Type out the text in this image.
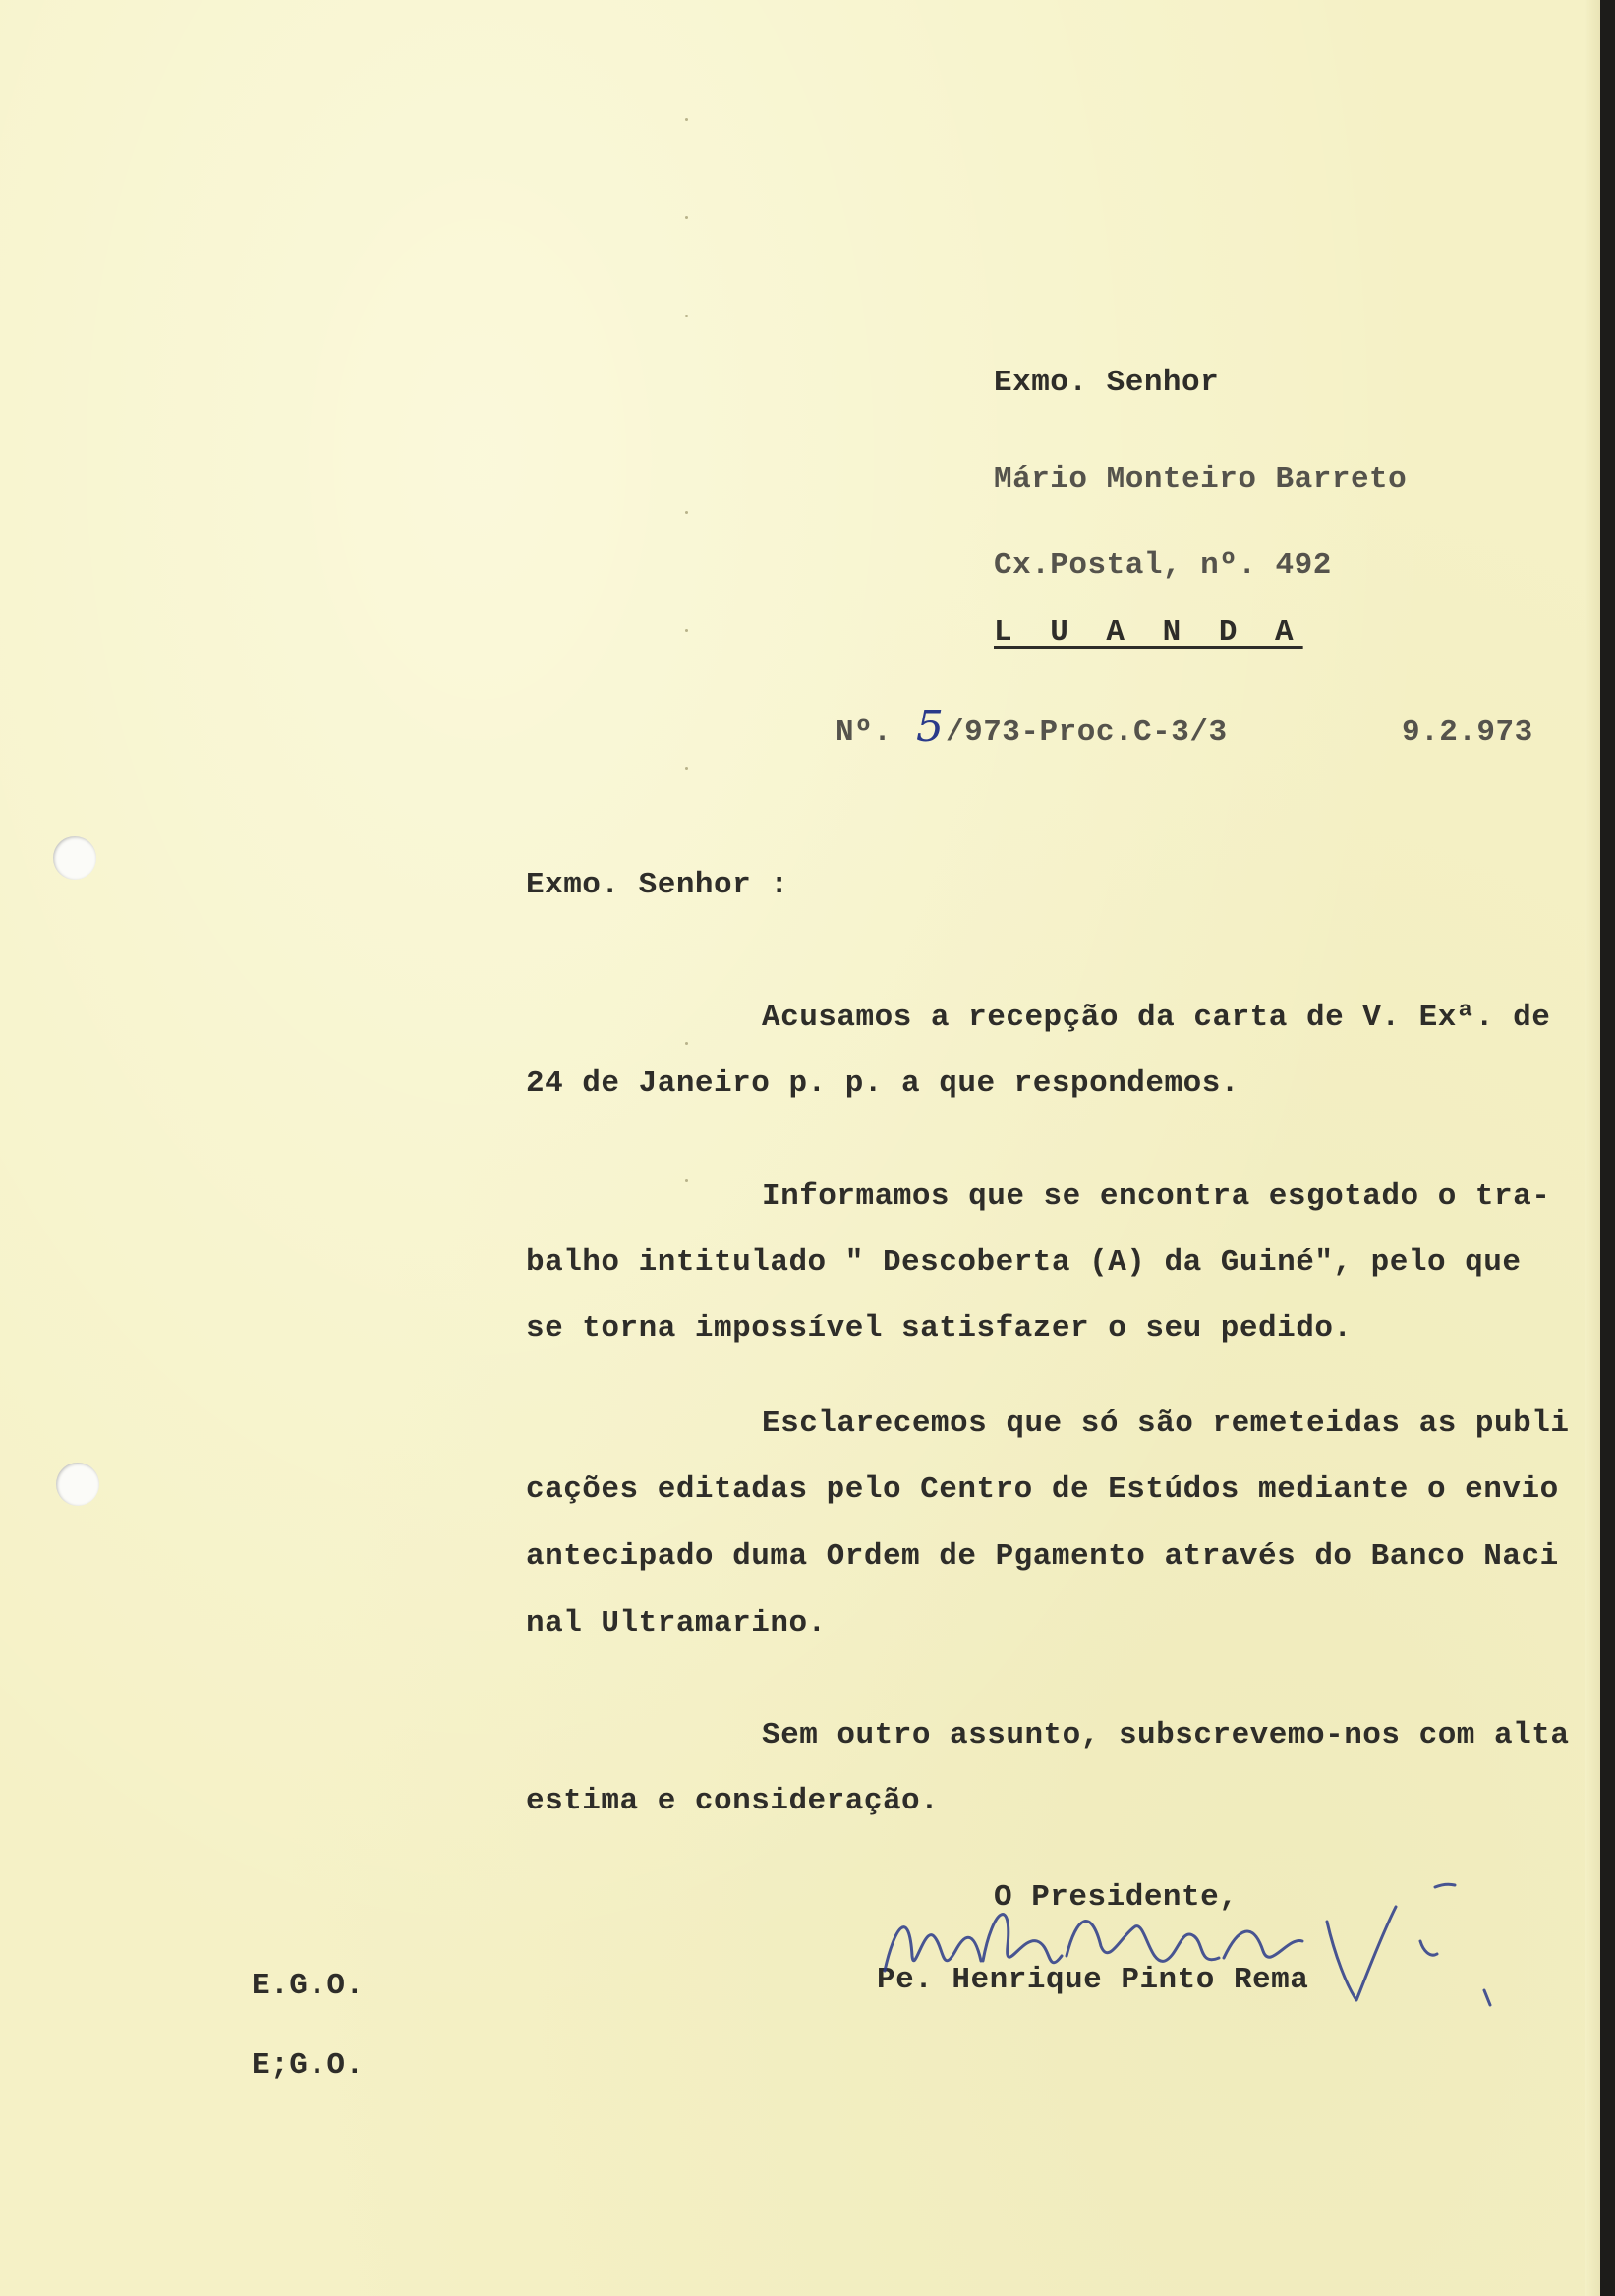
Exmo. Senhor
Mário Monteiro Barreto
Cx.Postal, nº. 492
L U A N D A
Nº. 5 /973-Proc.C-3/3	9.2.973
Exmo. Senhor :
Acusamos a recepção da carta de V. Exª. de
24 de Janeiro p. p. a que respondemos.
Informamos que se encontra esgotado o tra-
balho intitulado " Descoberta (A) da Guiné", pelo que
se torna impossível satisfazer o seu pedido.
Esclarecemos que só são remeteidas as publi
cações editadas pelo Centro de Estúdos mediante o envio
antecipado duma Ordem de Pgamento através do Banco Naci
nal Ultramarino.
Sem outro assunto, subscrevemo-nos com alta
estima e consideração.
O Presidente,
Pe. Henrique Pinto Rema
E.G.O.
E;G.O.
